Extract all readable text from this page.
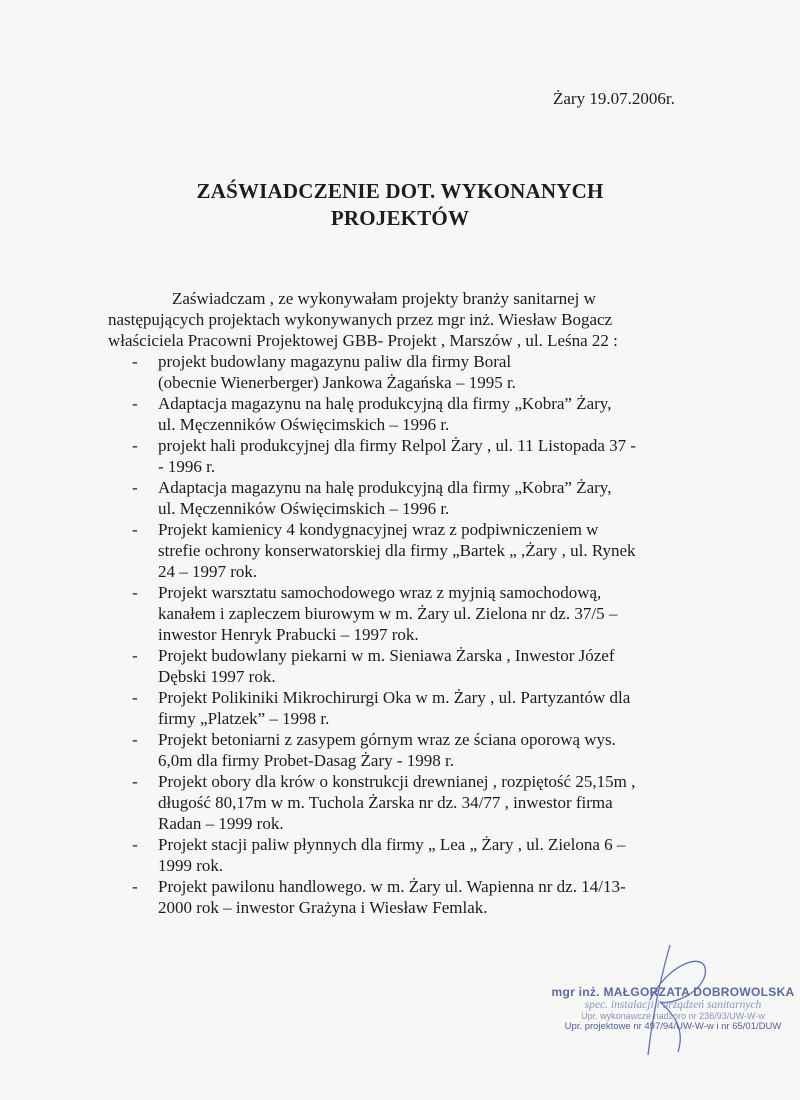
Żary 19.07.2006r.
ZAŚWIADCZENIE DOT. WYKONANYCH
PROJEKTÓW
Zaświadczam , ze wykonywałam projekty branży sanitarnej w
następujących projektach wykonywanych przez mgr inż. Wiesław Bogacz
właściciela Pracowni Projektowej GBB- Projekt , Marszów , ul. Leśna 22 :
- projekt budowlany magazynu paliw dla firmy Boral
(obecnie Wienerberger) Jankowa Żagańska – 1995 r.
- Adaptacja magazynu na halę produkcyjną dla firmy „Kobra” Żary,
ul. Męczenników Oświęcimskich – 1996 r.
- projekt hali produkcyjnej dla firmy Relpol Żary , ul. 11 Listopada 37 -
- 1996 r.
- Adaptacja magazynu na halę produkcyjną dla firmy „Kobra” Żary,
ul. Męczenników Oświęcimskich – 1996 r.
- Projekt kamienicy 4 kondygnacyjnej wraz z podpiwniczeniem w
strefie ochrony konserwatorskiej dla firmy „Bartek „ ,Żary , ul. Rynek
24 – 1997 rok.
- Projekt warsztatu samochodowego wraz z myjnią samochodową,
kanałem i zapleczem biurowym w m. Żary ul. Zielona nr dz. 37/5 –
inwestor Henryk Prabucki – 1997 rok.
- Projekt budowlany piekarni w m. Sieniawa Żarska , Inwestor Józef
Dębski 1997 rok.
- Projekt Polikiniki Mikrochirurgi Oka w m. Żary , ul. Partyzantów dla
firmy „Platzek” – 1998 r.
- Projekt betoniarni z zasypem górnym wraz ze ściana oporową wys.
6,0m dla firmy Probet-Dasag Żary - 1998 r.
- Projekt obory dla krów o konstrukcji drewnianej , rozpiętość 25,15m ,
długość 80,17m w m. Tuchola Żarska nr dz. 34/77 , inwestor firma
Radan – 1999 rok.
- Projekt stacji paliw płynnych dla firmy „ Lea „ Żary , ul. Zielona 6 –
1999 rok.
- Projekt pawilonu handlowego. w m. Żary ul. Wapienna nr dz. 14/13-
2000 rok – inwestor Grażyna i Wiesław Femlak.
mgr inż. MAŁGORZATA DOBROWOLSKA
spec. instalacji i urządzeń sanitarnych
Upr. wykonawcze nadzoro nr 236/93/UW-W-w
Upr. projektowe nr 497/94/UW-W-w i nr 65/01/DUW
